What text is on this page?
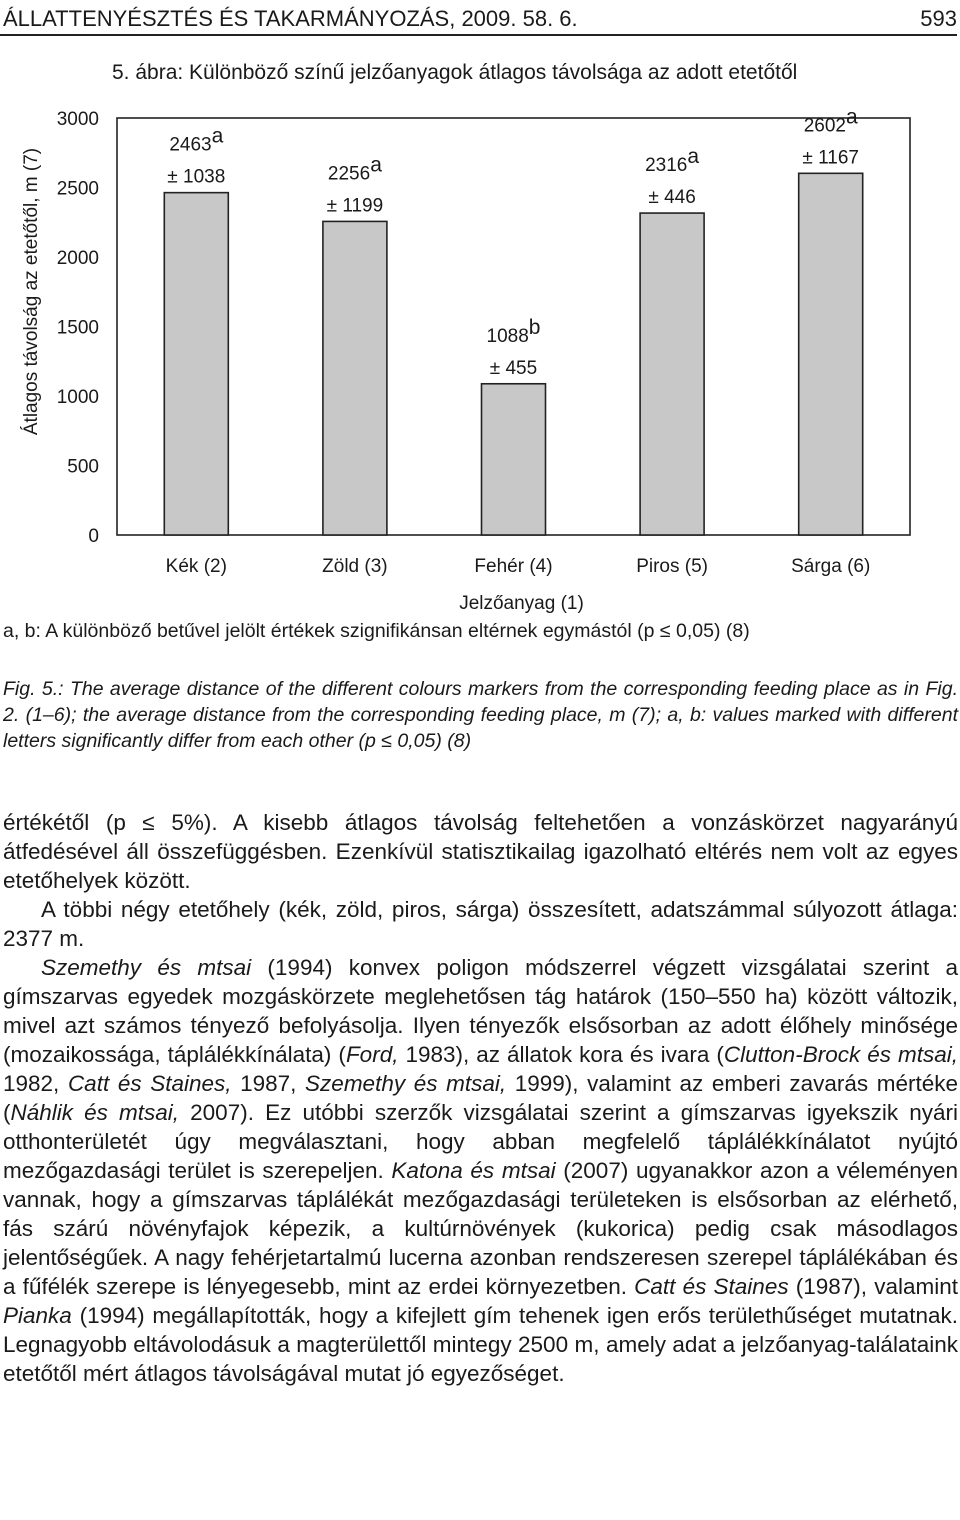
ÁLLATTENYÉSZTÉS ÉS TAKARMÁNYOZÁS, 2009. 58. 6.	593
5. ábra: Különböző színű jelzőanyagok átlagos távolsága az adott etetőtől
0
500
1000
1500
2000
2500
3000
Átlagos távolság az etetőtől, m (7)
Jelzőanyag (1)
2463a
± 1038
Kék (2)
2256a
± 1199
Zöld (3)
1088b
± 455
Fehér (4)
2316a
± 446
Piros (5)
2602a
± 1167
Sárga (6)
a, b: A különböző betűvel jelölt értékek szignifikánsan eltérnek egymástól (p ≤ 0,05) (8)
Fig. 5.: The average distance of the different colours markers from the corresponding feeding place as in Fig. 2. (1–6); the average distance from the corresponding feeding place, m (7); a, b: values marked with different letters significantly differ from each other (p ≤ 0,05) (8)

értékétől (p ≤ 5%). A kisebb átlagos távolság feltehetően a vonzáskörzet nagyarányú átfedésével áll összefüggésben. Ezenkívül statisztikailag igazolható eltérés nem volt az egyes etetőhelyek között.

A többi négy etetőhely (kék, zöld, piros, sárga) összesített, adatszámmal súlyozott átlaga: 2377 m.

Szemethy és mtsai (1994) konvex poligon módszerrel végzett vizsgálatai szerint a gímszarvas egyedek mozgáskörzete meglehetősen tág határok (150–550 ha) között változik, mivel azt számos tényező befolyásolja. Ilyen tényezők elsősorban az adott élőhely minősége (mozaikossága, táplálékkínálata) (Ford, 1983), az állatok kora és ivara (Clutton-Brock és mtsai, 1982, Catt és Staines, 1987, Szemethy és mtsai, 1999), valamint az emberi zavarás mértéke (Náhlik és mtsai, 2007). Ez utóbbi szerzők vizsgálatai szerint a gímszarvas igyekszik nyári otthonterületét úgy megválasztani, hogy abban megfelelő táplálékkínálatot nyújtó mezőgazdasági terület is szerepeljen. Katona és mtsai (2007) ugyanakkor azon a véleményen vannak, hogy a gímszarvas táplálékát mezőgazdasági területeken is elsősorban az elérhető, fás szárú növényfajok képezik, a kultúrnövények (kukorica) pedig csak másodlagos jelentőségűek. A nagy fehérjetartalmú lucerna azonban rendszeresen szerepel táplálékában és a fűfélék szerepe is lényegesebb, mint az erdei környezetben. Catt és Staines (1987), valamint Pianka (1994) megállapították, hogy a kifejlett gím tehenek igen erős területhűséget mutatnak. Legnagyobb eltávolodásuk a magterülettől mintegy 2500 m, amely adat a jelzőanyag-találataink etetőtől mért átlagos távolságával mutat jó egyezőséget.
